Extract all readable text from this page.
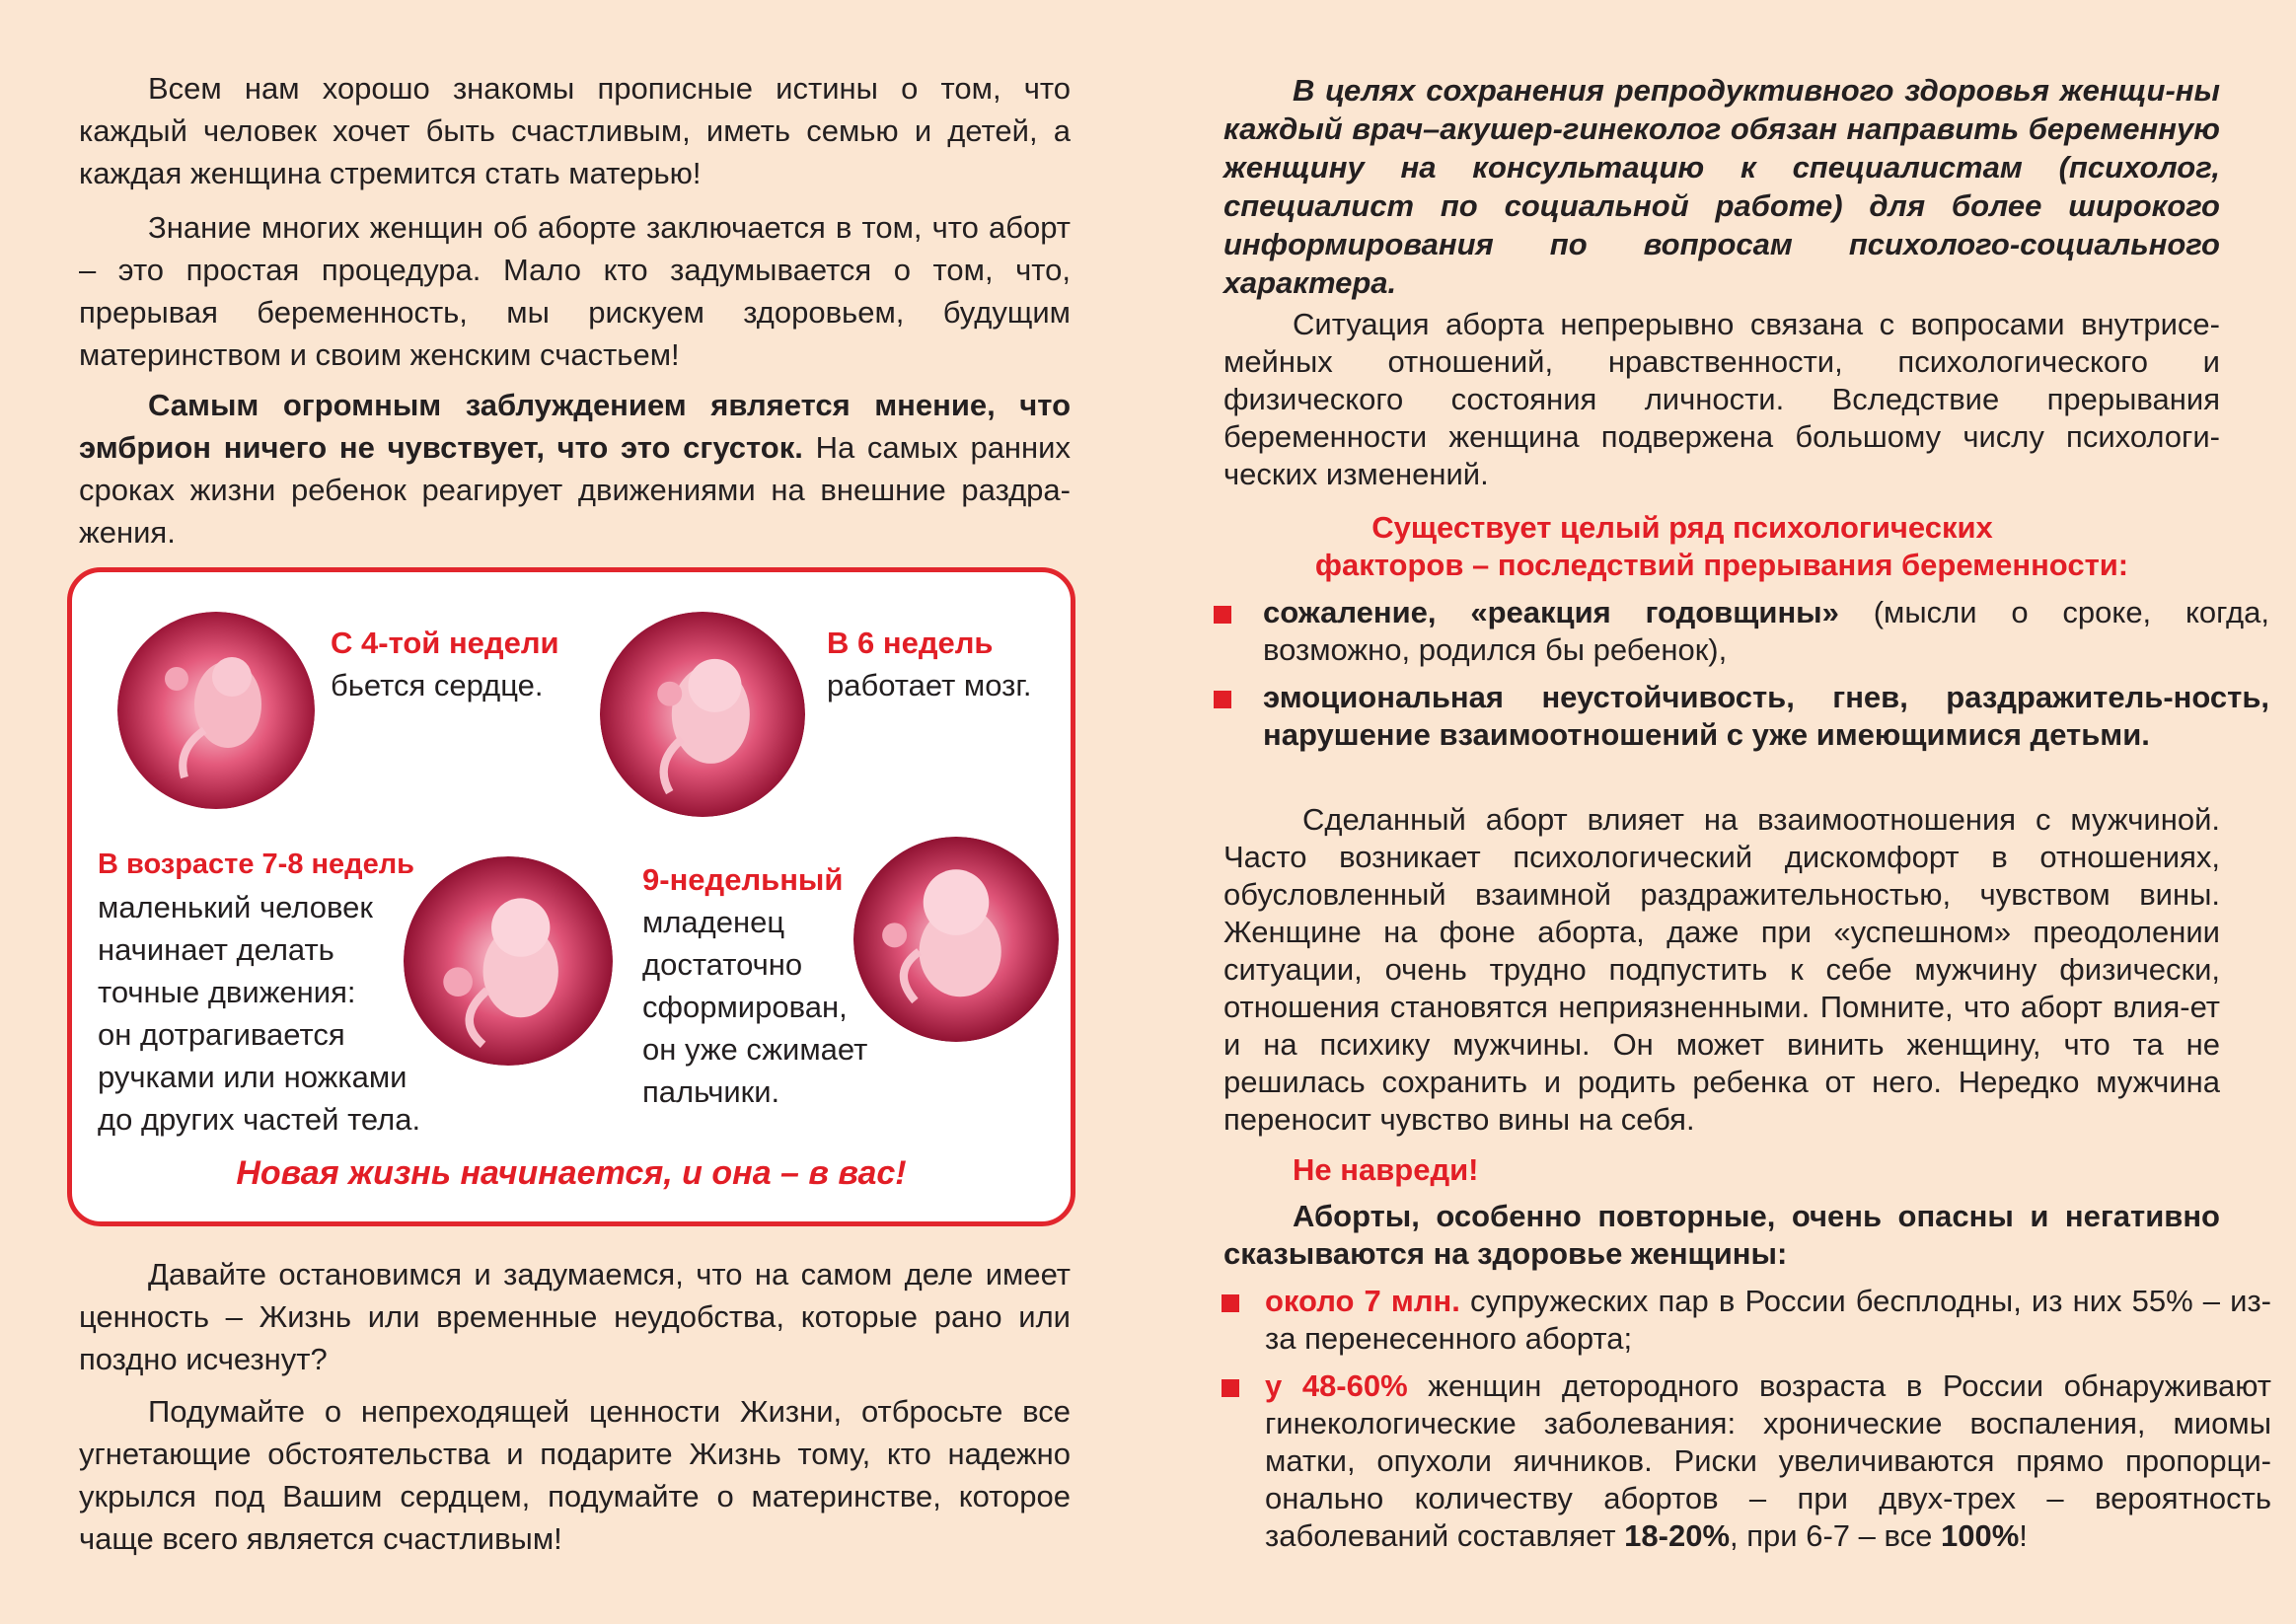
Всем нам хорошо знакомы прописные истины о том, что каждый человек хочет быть счастливым, иметь семью и детей, а каждая женщина стремится стать матерью!

Знание многих женщин об аборте заключается в том, что аборт – это простая процедура. Мало кто задумывается о том, что, прерывая беременность, мы рискуем здоровьем, будущим материнством и своим женским счастьем!

Самым огромным заблуждением является мнение, что эмбрион ничего не чувствует, что это сгусток. На самых ранних сроках жизни ребенок реагирует движениями на внешние раздра-жения.

Давайте остановимся и задумаемся, что на самом деле имеет ценность – Жизнь или временные неудобства, которые рано или поздно исчезнут?

Подумайте о непреходящей ценности Жизни, отбросьте все угнетающие обстоятельства и подарите Жизнь тому, кто надежно укрылся под Вашим сердцем, подумайте о материнстве, которое чаще всего является счастливым!

С 4-той недели
бьется сердце.
В 6 недель
работает мозг.
В возрасте 7-8 недель
маленький человек
начинает делать
точные движения:
он дотрагивается
ручками или ножками
до других частей тела.
9-недельный
младенец
достаточно
сформирован,
он уже сжимает
пальчики.
Новая жизнь начинается, и она – в вас!

В целях сохранения репродуктивного здоровья женщи-ны каждый врач–акушер-гинеколог обязан направить беременную женщину на консультацию к специалистам (психолог, специалист по социальной работе) для более широкого информирования по вопросам психолого-социального характера.

Ситуация аборта непрерывно связана с вопросами внутрисе-мейных отношений, нравственности, психологического и физического состояния личности. Вследствие прерывания беременности женщина подвержена большому числу психологи-ческих изменений.

Существует целый ряд психологических
факторов – последствий прерывания беременности:

сожаление, «реакция годовщины» (мысли о сроке, когда, возможно, родился бы ребенок),

эмоциональная неустойчивость, гнев, раздражитель-ность, нарушение взаимоотношений с уже имеющимися детьми.

Сделанный аборт влияет на взаимоотношения с мужчиной. Часто возникает психологический дискомфорт в отношениях, обусловленный взаимной раздражительностью, чувством вины. Женщине на фоне аборта, даже при «успешном» преодолении ситуации, очень трудно подпустить к себе мужчину физически, отношения становятся неприязненными. Помните, что аборт влия-ет и на психику мужчины. Он может винить женщину, что та не решилась сохранить и родить ребенка от него. Нередко мужчина переносит чувство вины на себя.

Не навреди!

Аборты, особенно повторные, очень опасны и негативно сказываются на здоровье женщины:

около 7 млн. супружеских пар в России бесплодны, из них 55% – из-за перенесенного аборта;

у 48-60% женщин детородного возраста в России обнаруживают гинекологические заболевания: хронические воспаления, миомы матки, опухоли яичников. Риски увеличиваются прямо пропорци-онально количеству абортов – при двух-трех – вероятность заболеваний составляет 18-20%, при 6-7 – все 100%!
